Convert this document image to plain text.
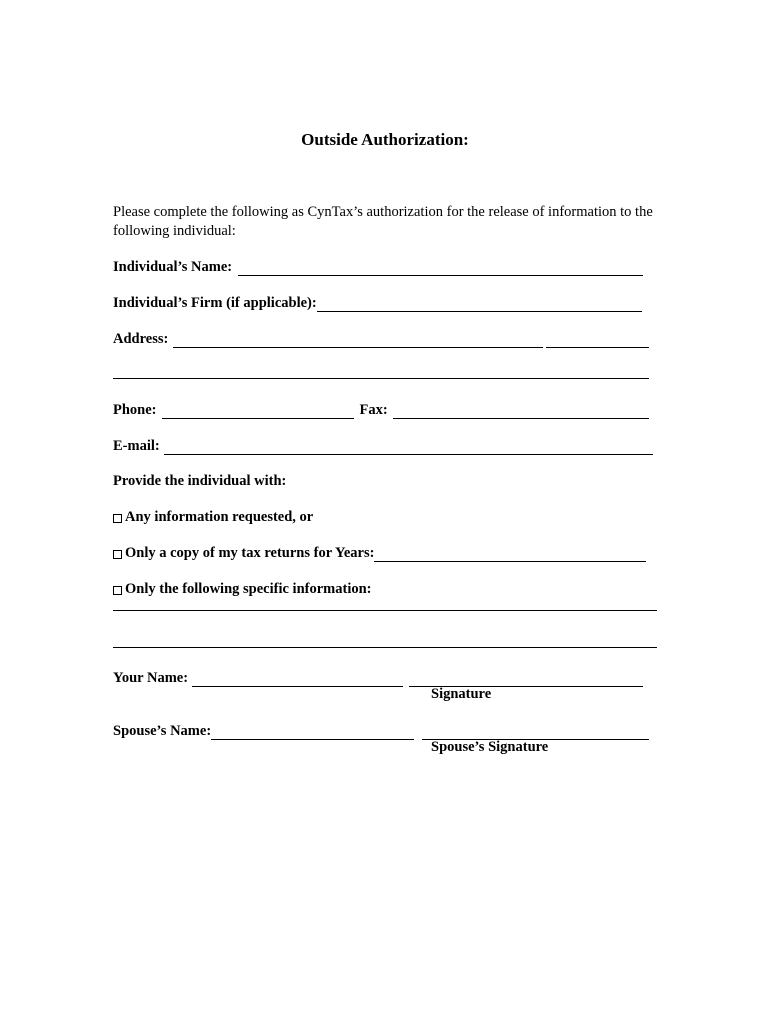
Outside Authorization:
Please complete the following as CynTax’s authorization for the release of information to the following individual:
Individual’s Name:
Individual’s Firm (if applicable):
Address:
Phone:	Fax:
E-mail:
Provide the individual with:
Any information requested, or
Only a copy of my tax returns for Years:
Only the following specific information:
Your Name:
Signature
Spouse’s Name:
Spouse’s Signature
